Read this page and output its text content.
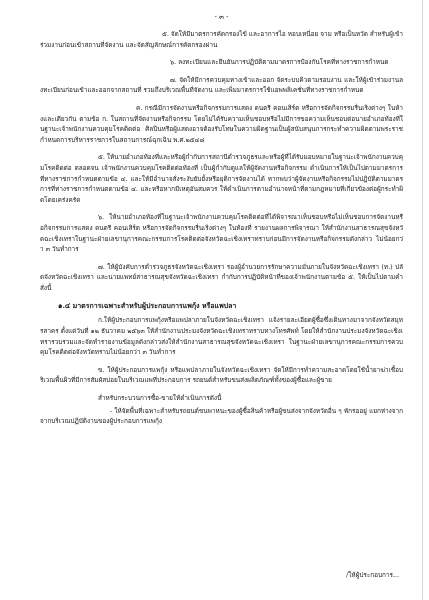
- ๓ -

๕. จัดให้มีมาตรการคัดกรองไข้ และอาการไอ หอบเหนื่อย จาม หรือเป็นหวัด สำหรับผู้เข้าร่วมงานก่อนเข้าสถานที่จัดงาน และจัดสัญลักษณ์การคัดกรองผ่าน

๖. ลงทะเบียนและยืนยันการปฏิบัติตามมาตรการป้องกันโรคที่ทางราชการกำหนด

๗. จัดให้มีการควบคุมทางเข้าและออก จัดระบบคิวตามรอบงาน และให้ผู้เข้าร่วมงานลงทะเบียนก่อนเข้าและออกจากสถานที่ รวมถึงบริเวณพื้นที่จัดงาน และเพิ่มมาตรการใช้แอพพลิเคชั่นที่ทางราชการกำหนด

ค. กรณีมีการจัดงานหรือกิจกรรมการแสดง ดนตรี คอนเสิร์ต หรือการจัดกิจกรรมรื่นเริงต่างๆ ในห้างและเดียวกัน ตามข้อ ก. ในสถานที่จัดงานหรือกิจกรรม โดยไม่ได้รับความเห็นชอบหรือไม่มีการขอความเห็นชอบต่อนายอำเภอท้องที่ในฐานะเจ้าพนักงานควบคุมโรคติดต่อ ศิลปินหรือผู้แสดงอาจต้องรับโทษในความผิดฐานเป็นผู้สนับสนุนการกระทำความผิดตามพระราชกำหนดการบริหารราชการในสถานการณ์ฉุกเฉิน พ.ศ.๒๕๔๘

๕. ให้นายอำเภอท้องที่และหรือผู้กำกับการสถานีตำรวจภูธรและหรือผู้ที่ได้รับมอบหมายในฐานะเจ้าพนักงานควบคุมโรคติดต่อ ตลอดจน เจ้าพนักงานควบคุมโรคติดต่อท้องที่ เป็นผู้กำกับดูแลให้ผู้จัดงานหรือกิจกรรม ดำเนินการให้เป็นไปตามมาตรการที่ทางราชการกำหนดตามข้อ ๔. และให้มีอำนาจสั่งระงับยับยั้งหรือยุติการจัดงานได้ หากพบว่าผู้จัดงานหรือกิจกรรมไม่ปฏิบัติตามมาตรการที่ทางราชการกำหนดตามข้อ ๔. และหรือหากมีเหตุอันสมควร ให้ดำเนินการตามอำนาจหน้าที่ตามกฎหมายที่เกี่ยวข้องต่อผู้กระทำผิดโดยเคร่งครัด

๖. ให้นายอำเภอท้องที่ในฐานะเจ้าพนักงานควบคุมโรคติดต่อที่ได้พิจารณาเห็นชอบหรือไม่เห็นชอบการจัดงานหรือกิจกรรมการแสดง ดนตรี คอนเสิร์ต หรือการจัดกิจกรรมรื่นเริงต่างๆ ในท้องที่ รายงานผลการพิจารณา ให้สำนักงานสาธารณสุขจังหวัดฉะเชิงเทราในฐานะฝ่ายเลขานุการคณะกรรมการโรคติดต่อจังหวัดฉะเชิงเทราทราบก่อนมีการจัดงานหรือกิจกรรมดังกล่าว ไม่น้อยกว่า ๓ วันทำการ

๗. ให้ผู้บังคับการตำรวจภูธรจังหวัดฉะเชิงเทรา รองผู้อำนวยการรักษาความมั่นภายในจังหวัดฉะเชิงเทรา (ท.) ปลัดจังหวัดฉะเชิงเทรา และนายแพทย์สาธารณสุขจังหวัดฉะเชิงเทรา กำกับการปฏิบัติหน้าที่ของเจ้าพนักงานตามข้อ ๕. ให้เป็นไปตามคำสั่งนี้

๑.๔ มาตรการเฉพาะสำหรับผู้ประกอบการแพกุ้ง หรือแพปลา

ก.ให้ผู้ประกอบการแพกุ้งหรือแพปลาภายในจังหวัดฉะเชิงเทรา แจ้งรายละเอียดผู้ซื้อซึ่งเดินทางมาจากจังหวัดสมุทรสาคร ตั้งแต่วันที่ ๑๒ ธันวาคม ๒๕๖๓ ให้สำนักงานประมงจังหวัดฉะเชิงเทราทราบทางโทรศัพท์ โดยให้สำนักงานประมงจังหวัดฉะเชิงเทรารวบรวมและจัดทำรายงานข้อมูลดังกล่าวส่งให้สำนักงานสาธารณสุขจังหวัดฉะเชิงเทรา ในฐานะฝ่ายเลขานุการคณะกรรมการควบคุมโรคติดต่อจังหวัดทราบไม่น้อยกว่า ๓ วันทำการ

ข. ให้ผู้ประกอบการแพกุ้ง หรือแพปลาภายในจังหวัดฉะเชิงเทรา จัดให้มีการทำความสะอาดโดยใช้น้ำยาฆ่าเชื้อบริเวณพื้นผิวที่มีการสัมผัสบ่อยในบริเวณแพที่ประกอบการ รถยนต์สำหรับขนส่งผลิตภัณฑ์ทั้งของผู้ซื้อและผู้ขาย

สำหรับกระบวนการซื้อ-ขายให้ดำเนินการดังนี้

- ให้จัดพื้นที่เฉพาะสำหรับรถยนต์ขนพาหนะของผู้ซื้อสินค้าหรือผู้ขนส่งจากจังหวัดอื่น ๆ พักรออยู่ แยกห่างจากจากบริเวณปฏิบัติงานของผู้ประกอบการแพกุ้ง

/ให้ผู้ประกอบการ...
